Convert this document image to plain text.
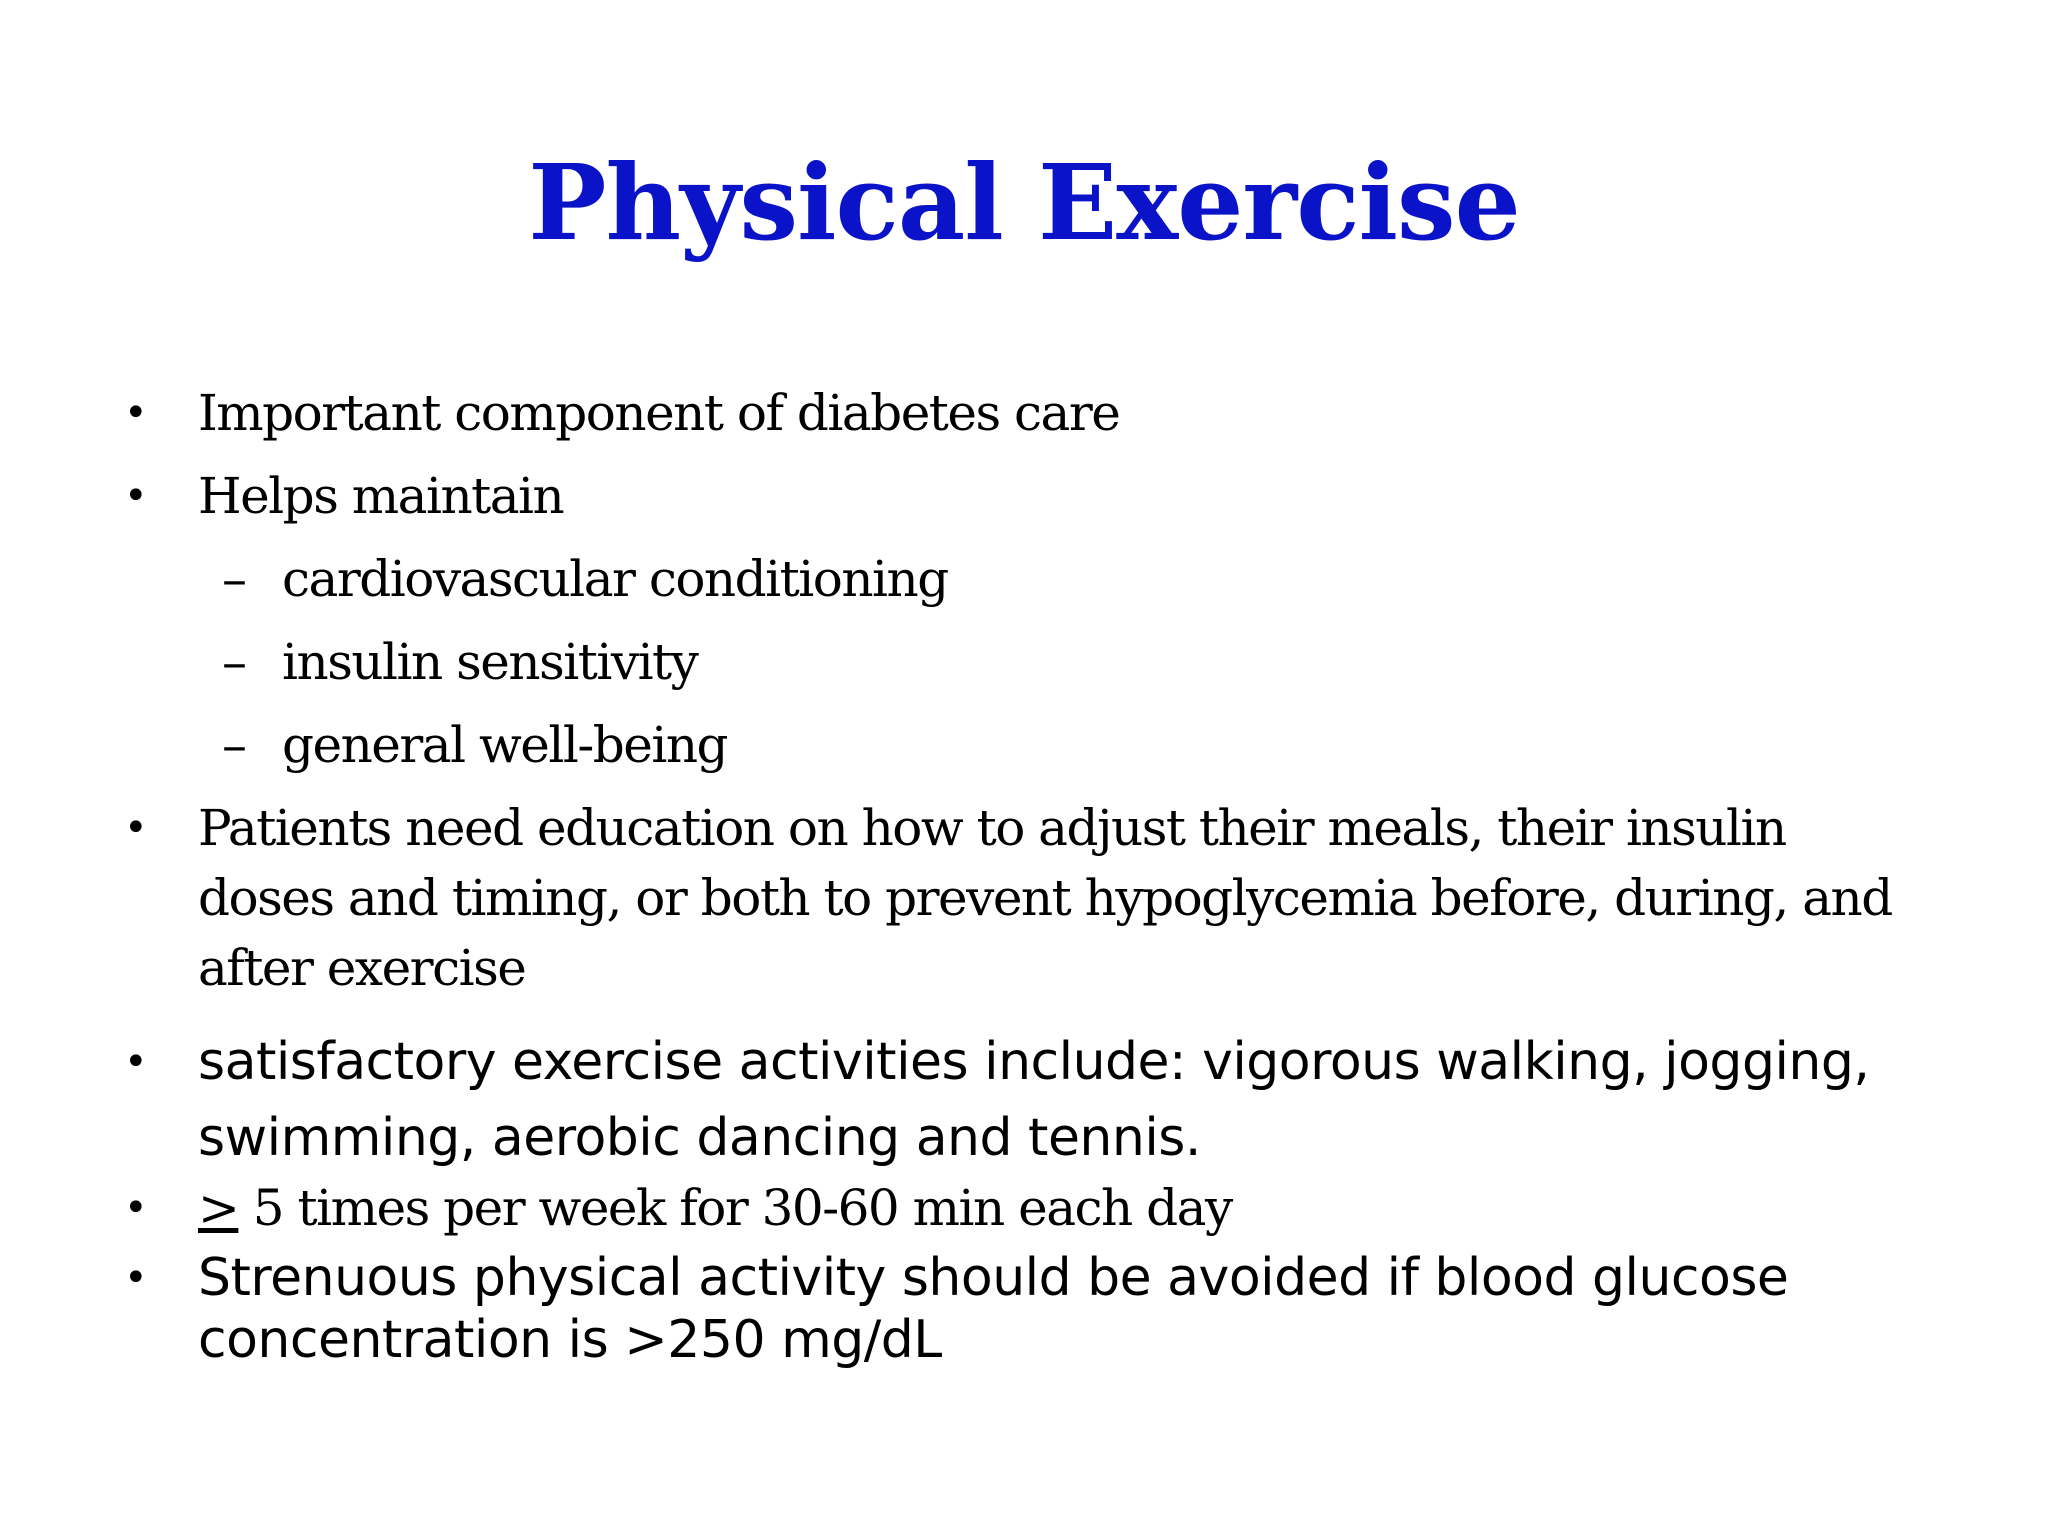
Physical Exercise
• Important component of diabetes care
• Helps maintain
– cardiovascular conditioning
– insulin sensitivity
– general well-being
• Patients need education on how to adjust their meals, their insulin doses and timing, or both to prevent hypoglycemia before, during, and after exercise
• satisfactory exercise activities include: vigorous walking, jogging, swimming, aerobic dancing and tennis.
• ≥ 5 times per week for 30-60 min each day
• Strenuous physical activity should be avoided if blood glucose concentration is >250 mg/dL
